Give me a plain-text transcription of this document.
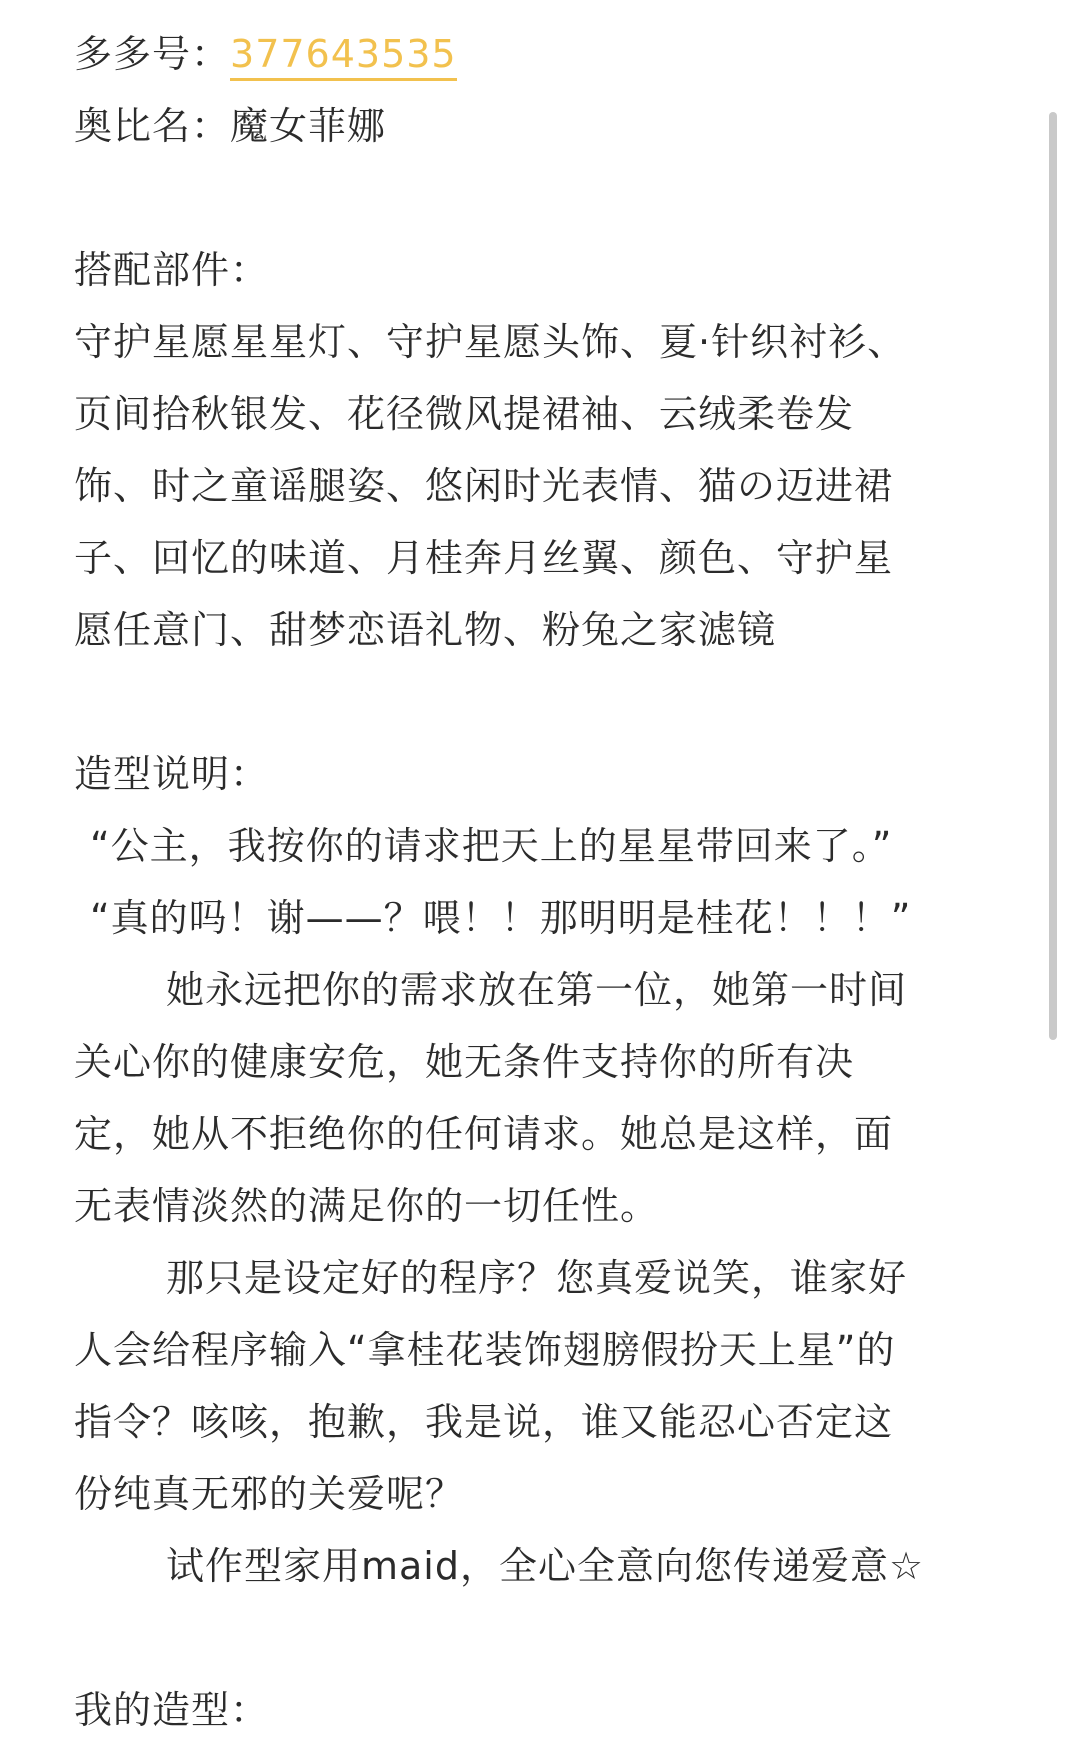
多多号：377643535
奥比名：魔女菲娜
搭配部件：
守护星愿星星灯、守护星愿头饰、夏·针织衬衫、
页间拾秋银发、花径微风提裙袖、云绒柔卷发
饰、时之童谣腿姿、悠闲时光表情、猫の迈进裙
子、回忆的味道、月桂奔月丝翼、颜色、守护星
愿任意门、甜梦恋语礼物、粉兔之家滤镜
造型说明：
“公主，我按你的请求把天上的星星带回来了。”
“真的吗！谢——？喂！！那明明是桂花！！！”
她永远把你的需求放在第一位，她第一时间
关心你的健康安危，她无条件支持你的所有决
定，她从不拒绝你的任何请求。她总是这样，面
无表情淡然的满足你的一切任性。
那只是设定好的程序？您真爱说笑，谁家好
人会给程序输入“拿桂花装饰翅膀假扮天上星”的
指令？咳咳，抱歉，我是说，谁又能忍心否定这
份纯真无邪的关爱呢？
试作型家用maid，全心全意向您传递爱意☆
我的造型：
